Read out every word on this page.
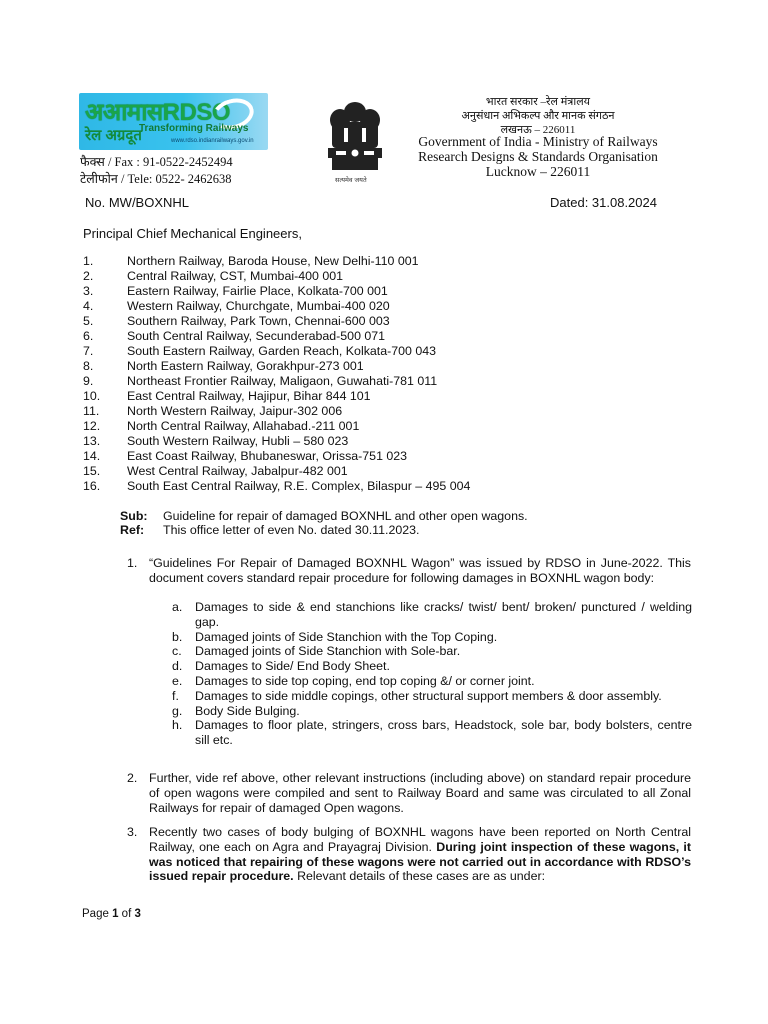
अआमासRDSO
रेल अग्रदूत
Transforming Railways
www.rdso.indianrailways.gov.in
फैक्स / Fax : 91-0522-2452494
टेलीफोन / Tele: 0522- 2462638	सत्यमेव जयते
भारत सरकार –रेल मंत्रालय
अनुसंधान अभिकल्प और मानक संगठन
लखनऊ – 226011
Government of India - Ministry of Railways
Research Designs & Standards Organisation
Lucknow – 226011
No. MW/BOXNHL	Dated: 31.08.2024
Principal Chief Mechanical Engineers,
1.	Northern Railway, Baroda House, New Delhi-110 001
2.	Central Railway, CST, Mumbai-400 001
3.	Eastern Railway, Fairlie Place, Kolkata-700 001
4.	Western Railway, Churchgate, Mumbai-400 020
5.	Southern Railway, Park Town, Chennai-600 003
6.	South Central Railway, Secunderabad-500 071
7.	South Eastern Railway, Garden Reach, Kolkata-700 043
8.	North Eastern Railway, Gorakhpur-273 001
9.	Northeast Frontier Railway, Maligaon, Guwahati-781 011
10. East Central Railway, Hajipur, Bihar 844 101
11. North Western Railway, Jaipur-302 006
12. North Central Railway, Allahabad.-211 001
13. South Western Railway, Hubli – 580 023
14. East Coast Railway, Bhubaneswar, Orissa-751 023
15. West Central Railway, Jabalpur-482 001
16. South East Central Railway, R.E. Complex, Bilaspur – 495 004
Sub: Guideline for repair of damaged BOXNHL and other open wagons.
Ref: This office letter of even No. dated 30.11.2023.
1. “Guidelines For Repair of Damaged BOXNHL Wagon” was issued by RDSO in June-2022. This document covers standard repair procedure for following damages in BOXNHL wagon body:
a. Damages to side & end stanchions like cracks/ twist/ bent/ broken/ punctured / welding gap.
b. Damaged joints of Side Stanchion with the Top Coping.
c. Damaged joints of Side Stanchion with Sole-bar.
d. Damages to Side/ End Body Sheet.
e. Damages to side top coping, end top coping &/ or corner joint.
f. Damages to side middle copings, other structural support members & door assembly.
g. Body Side Bulging.
h. Damages to floor plate, stringers, cross bars, Headstock, sole bar, body bolsters, centre sill etc.
2. Further, vide ref above, other relevant instructions (including above) on standard repair procedure of open wagons were compiled and sent to Railway Board and same was circulated to all Zonal Railways for repair of damaged Open wagons.
3. Recently two cases of body bulging of BOXNHL wagons have been reported on North Central Railway, one each on Agra and Prayagraj Division. During joint inspection of these wagons, it was noticed that repairing of these wagons were not carried out in accordance with RDSO’s issued repair procedure. Relevant details of these cases are as under:
Page 1 of 3
